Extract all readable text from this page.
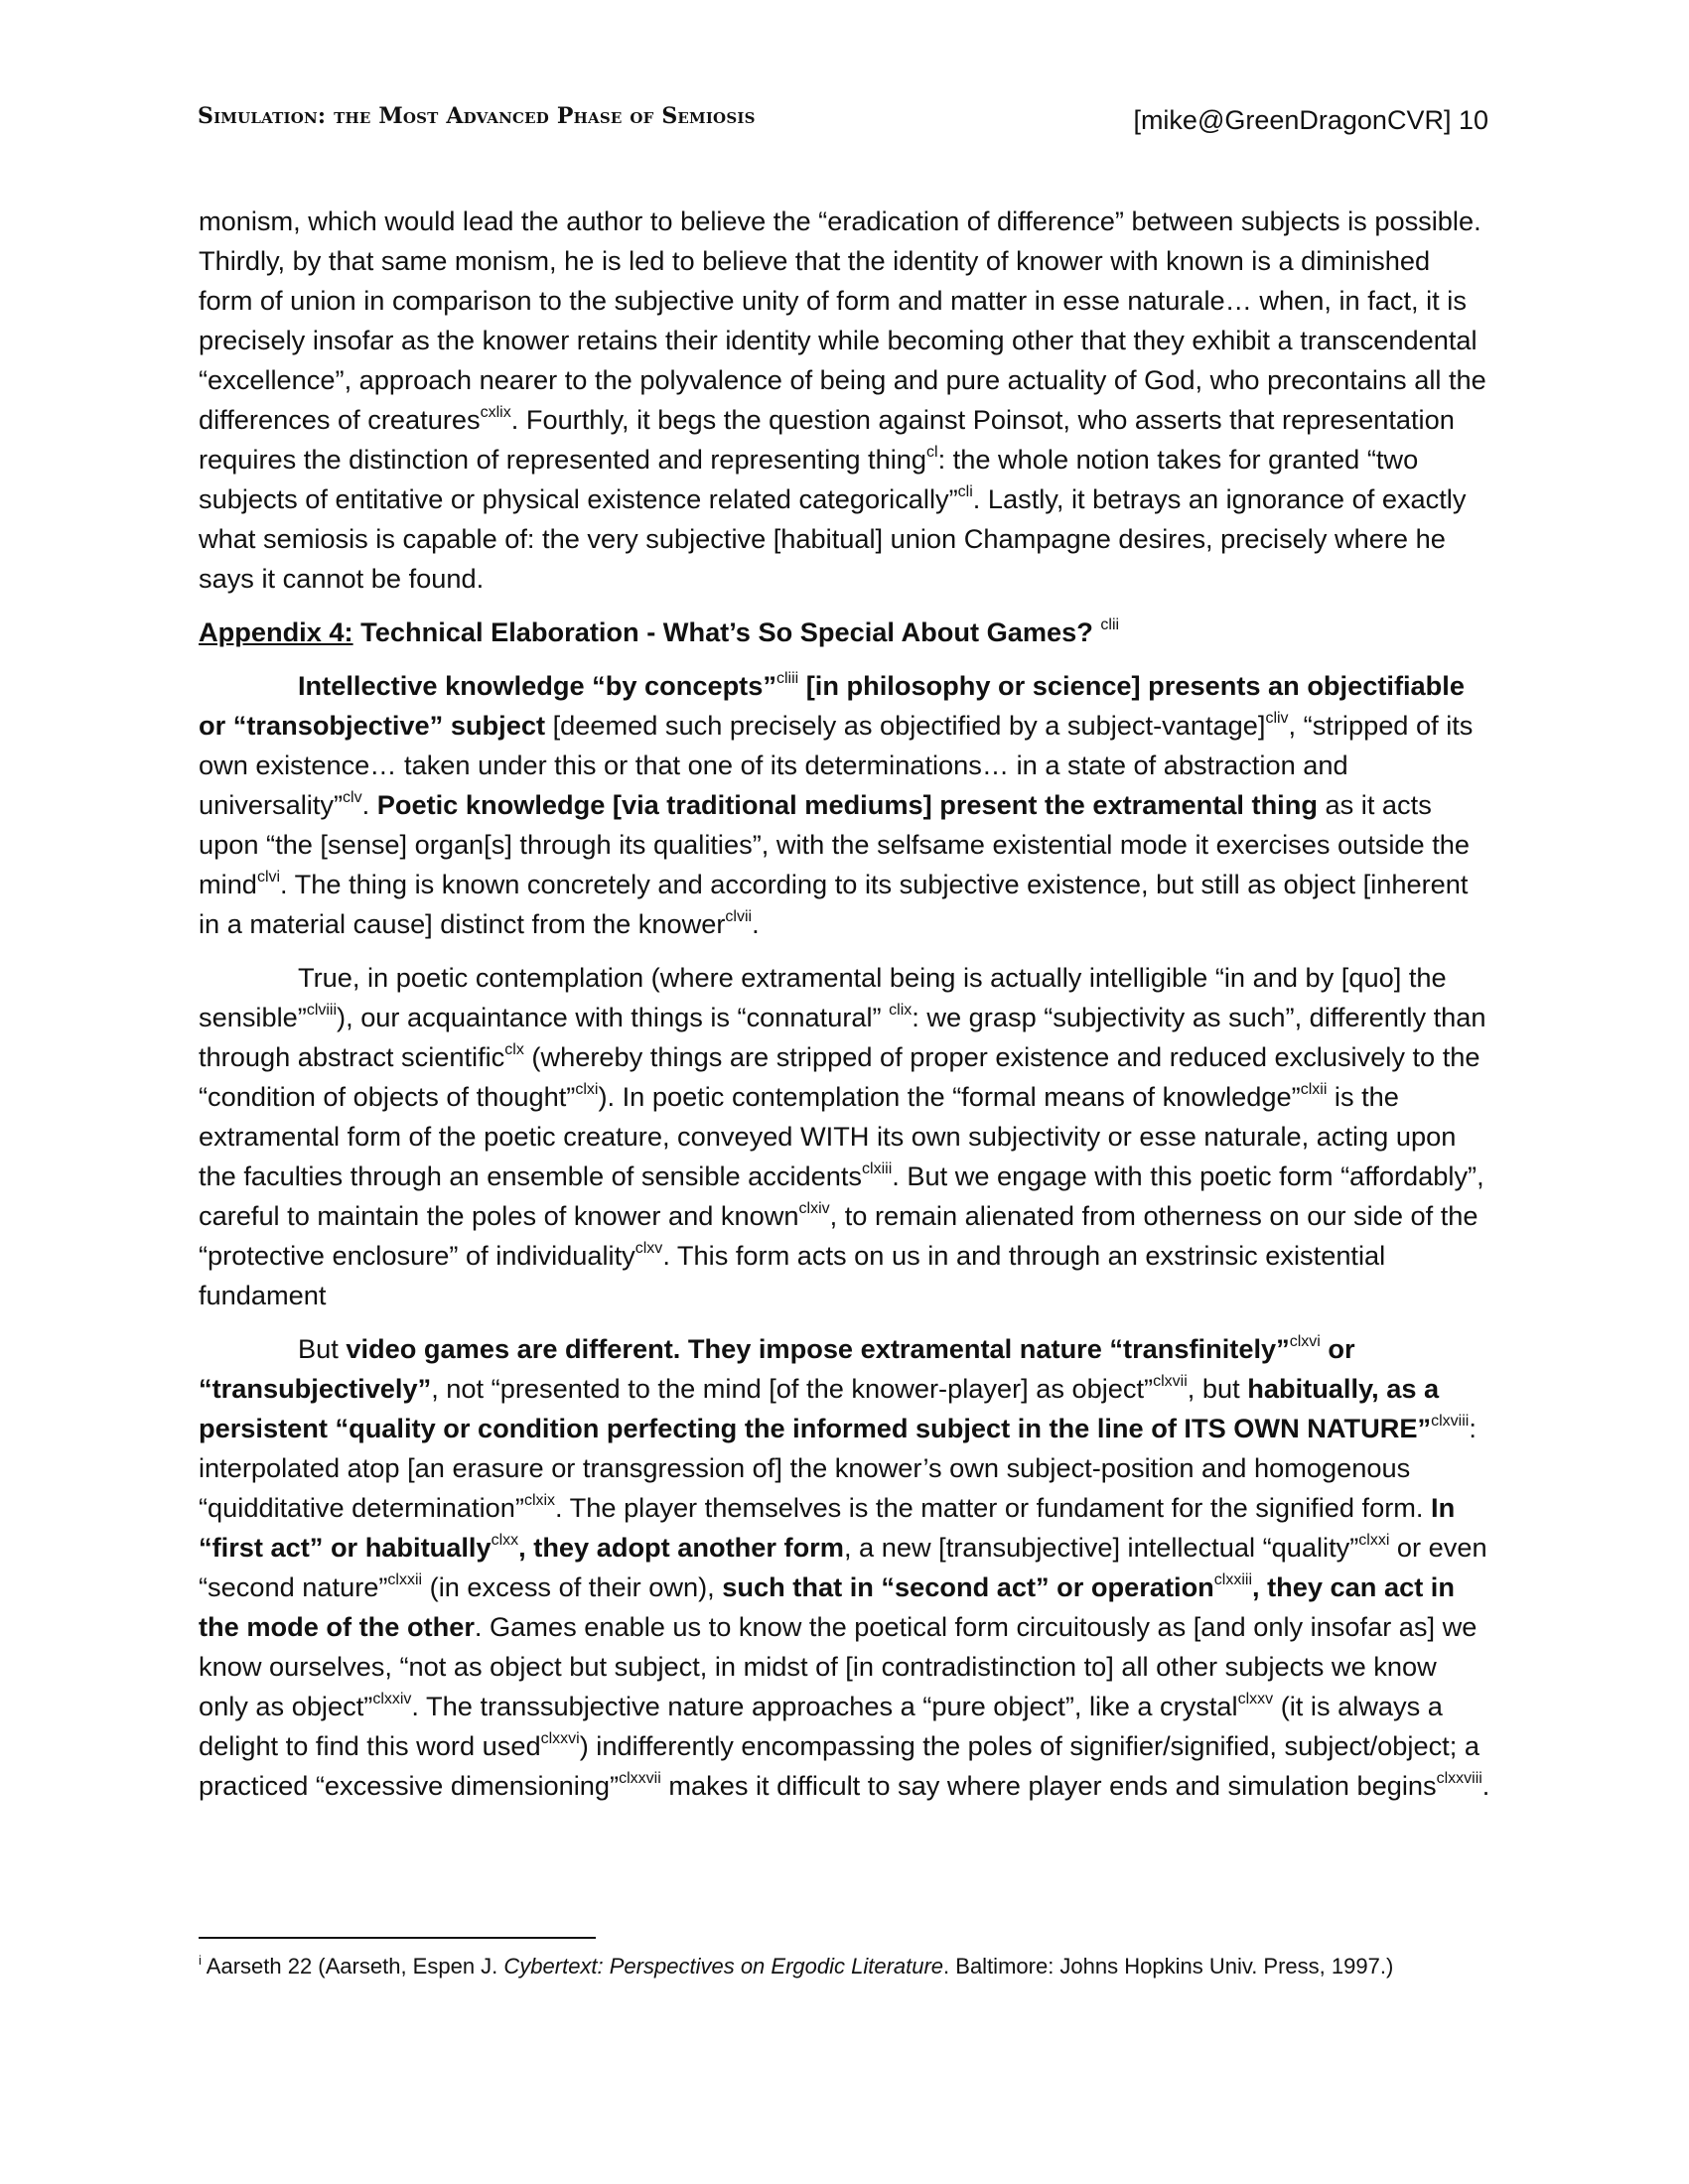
Simulation: the Most Advanced Phase of Semiosis	[mike@GreenDragonCVR] 10

monism, which would lead the author to believe the “eradication of difference” between subjects is possible. Thirdly, by that same monism, he is led to believe that the identity of knower with known is a diminished form of union in comparison to the subjective unity of form and matter in esse naturale… when, in fact, it is precisely insofar as the knower retains their identity while becoming other that they exhibit a transcendental “excellence”, approach nearer to the polyvalence of being and pure actuality of God, who precontains all the differences of creatures$^{cxlix}$. Fourthly, it begs the question against Poinsot, who asserts that representation requires the distinction of represented and representing thing$^{cl}$: the whole notion takes for granted “two subjects of entitative or physical existence related categorically”$^{cli}$. Lastly, it betrays an ignorance of exactly what semiosis is capable of: the very subjective [habitual] union Champagne desires, precisely where he says it cannot be found.

Appendix 4: Technical Elaboration - What’s So Special About Games? $^{clii}$

Intellective knowledge “by concepts”$^{cliii}$ [in philosophy or science] presents an objectifiable or “transobjective” subject [deemed such precisely as objectified by a subject-vantage]$^{cliv}$, “stripped of its own existence… taken under this or that one of its determinations… in a state of abstraction and universality”$^{clv}$. Poetic knowledge [via traditional mediums] present the extramental thing as it acts upon “the [sense] organ[s] through its qualities”, with the selfsame existential mode it exercises outside the mind$^{clvi}$. The thing is known concretely and according to its subjective existence, but still as object [inherent in a material cause] distinct from the knower$^{clvii}$.

True, in poetic contemplation (where extramental being is actually intelligible “in and by [quo] the sensible”$^{clviii}$), our acquaintance with things is “connatural” $^{clix}$: we grasp “subjectivity as such”, differently than through abstract scientific$^{clx}$ (whereby things are stripped of proper existence and reduced exclusively to the “condition of objects of thought”$^{clxi}$). In poetic contemplation the “formal means of knowledge”$^{clxii}$ is the extramental form of the poetic creature, conveyed WITH its own subjectivity or esse naturale, acting upon the faculties through an ensemble of sensible accidents$^{clxiii}$. But we engage with this poetic form “affordably”, careful to maintain the poles of knower and known$^{clxiv}$, to remain alienated from otherness on our side of the “protective enclosure” of individuality$^{clxv}$. This form acts on us in and through an exstrinsic existential fundament

But video games are different. They impose extramental nature “transfinitely”$^{clxvi}$ or “transubjectively”, not “presented to the mind [of the knower-player] as object”$^{clxvii}$, but habitually, as a persistent “quality or condition perfecting the informed subject in the line of ITS OWN NATURE”$^{clxviii}$: interpolated atop [an erasure or transgression of] the knower’s own subject-position and homogenous “quidditative determination”$^{clxix}$. The player themselves is the matter or fundament for the signified form. In “first act” or habitually$^{clxx}$, they adopt another form, a new [transubjective] intellectual “quality”$^{clxxi}$ or even “second nature”$^{clxxii}$ (in excess of their own), such that in “second act” or operation$^{clxxiii}$, they can act in the mode of the other. Games enable us to know the poetical form circuitously as [and only insofar as] we know ourselves, “not as object but subject, in midst of [in contradistinction to] all other subjects we know only as object”$^{clxxiv}$. The transsubjective nature approaches a “pure object”, like a crystal$^{clxxv}$ (it is always a delight to find this word used$^{clxxvi}$) indifferently encompassing the poles of signifier/signified, subject/object; a practiced “excessive dimensioning”$^{clxxvii}$ makes it difficult to say where player ends and simulation begins$^{clxxviii}$.

$^i$ Aarseth 22 (Aarseth, Espen J. Cybertext: Perspectives on Ergodic Literature. Baltimore: Johns Hopkins Univ. Press, 1997.)
